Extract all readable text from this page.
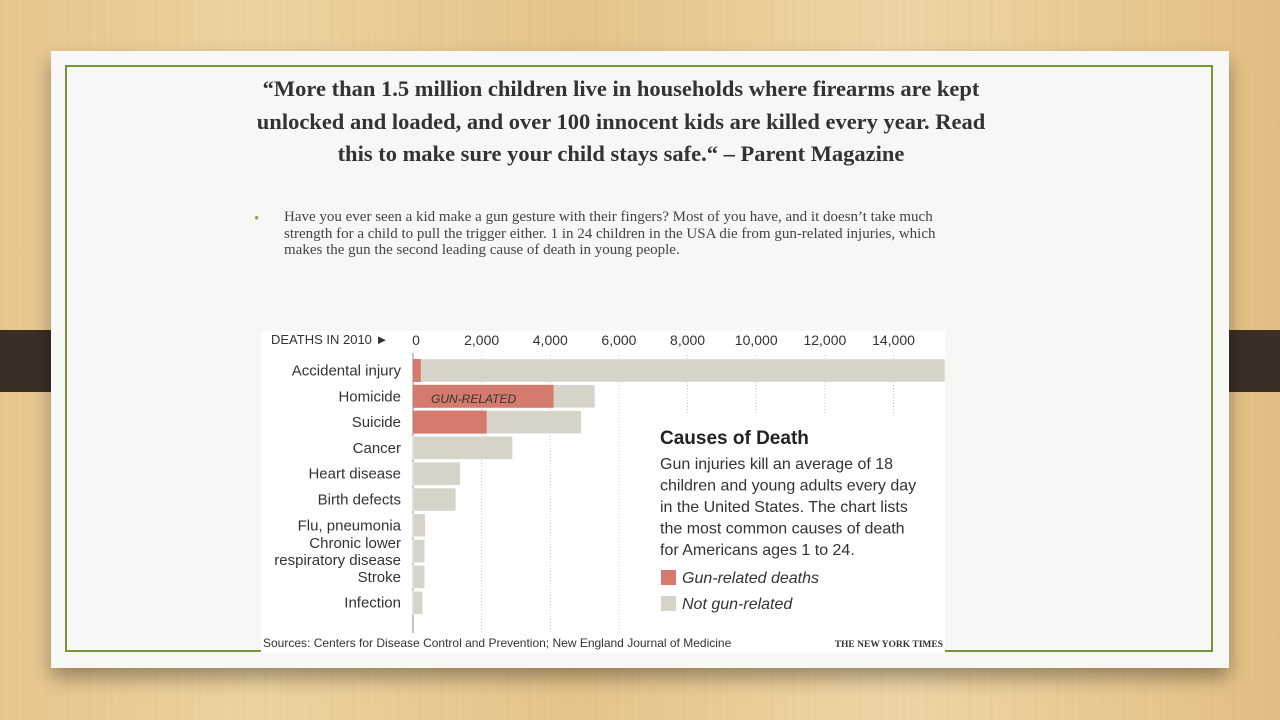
“More than 1.5 million children live in households where firearms are kept unlocked and loaded, and over 100 innocent kids are killed every year. Read this to make sure your child stays safe.“ – Parent Magazine
• Have you ever seen a kid make a gun gesture with their fingers? Most of you have, and it doesn’t take much strength for a child to pull the trigger either. 1 in 24 children in the USA die from gun-related injuries, which makes the gun the second leading cause of death in young people.
Accidental injury
Homicide
Suicide
Cancer
Heart disease
Birth defects
Flu, pneumonia
Chronic lower
respiratory disease
Stroke
Infection
DEATHS IN 2010 ► 0	2,000 4,000 6,000 8,000 10,000 12,000 14,000
GUN-RELATED
Causes of Death
Gun injuries kill an average of 18
children and young adults every day
in the United States. The chart lists
the most common causes of death
for Americans ages 1 to 24.
Gun-related deaths
Not gun-related
Sources: Centers for Disease Control and Prevention; New England Journal of Medicine	THE NEW YORK TIMES
